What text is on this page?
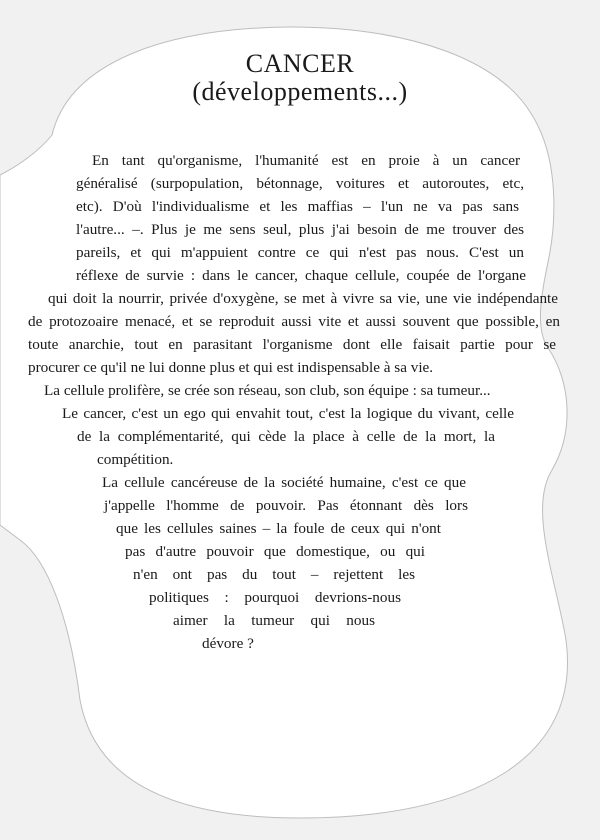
CANCER
(développements...)

En tant qu'organisme, l'humanité est en proie à un cancer

généralisé (surpopulation, bétonnage, voitures et autoroutes, etc,

etc). D'où l'individualisme et les maffias – l'un ne va pas sans

l'autre... –. Plus je me sens seul, plus j'ai besoin de me trouver des

pareils, et qui m'appuient contre ce qui n'est pas nous. C'est un

réflexe de survie : dans le cancer, chaque cellule, coupée de l'organe

qui doit la nourrir, privée d'oxygène, se met à vivre sa vie, une vie indépendante

de protozoaire menacé, et se reproduit aussi vite et aussi souvent que possible, en

toute anarchie, tout en parasitant l'organisme dont elle faisait partie pour se

procurer ce qu'il ne lui donne plus et qui est indispensable à sa vie.

La cellule prolifère, se crée son réseau, son club, son équipe : sa tumeur...

Le cancer, c'est un ego qui envahit tout, c'est la logique du vivant, celle

de la complémentarité, qui cède la place à celle de la mort, la

compétition.

La cellule cancéreuse de la société humaine, c'est ce que

j'appelle l'homme de pouvoir. Pas étonnant dès lors

que les cellules saines – la foule de ceux qui n'ont

pas d'autre pouvoir que domestique, ou qui

n'en ont pas du tout – rejettent les

politiques : pourquoi devrions-nous

aimer la tumeur qui nous

dévore ?
